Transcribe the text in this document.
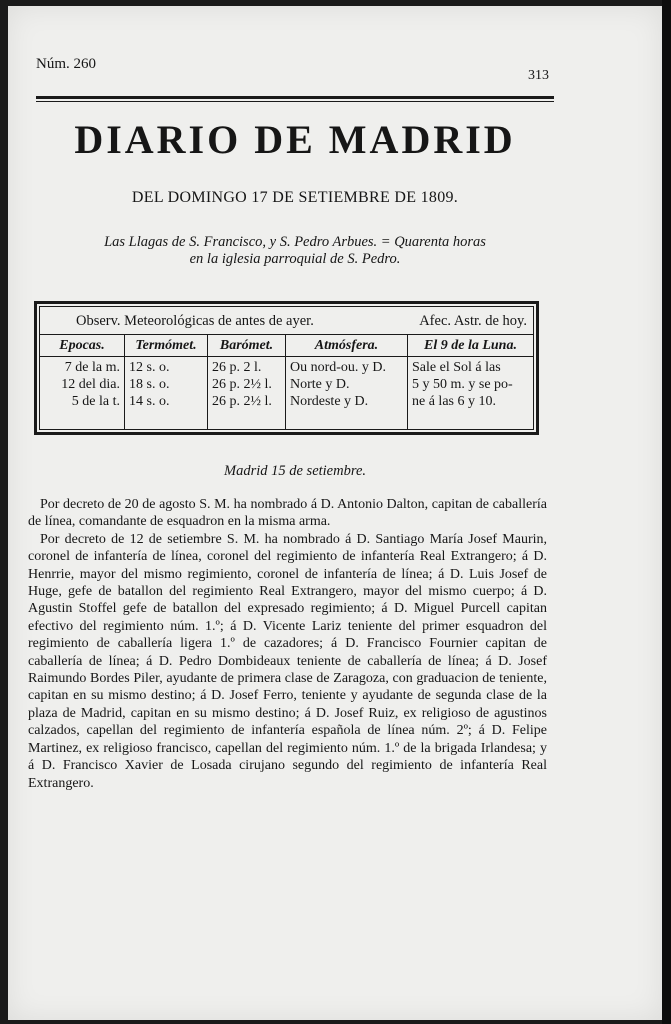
Núm. 260
313
DIARIO DE MADRID
DEL DOMINGO 17 DE SETIEMBRE DE 1809.
Las Llagas de S. Francisco, y S. Pedro Arbues. = Quarenta horas
en la iglesia parroquial de S. Pedro.
Observ. Meteorológicas de antes de ayer.	Afec. Astr. de hoy.
Epocas.
7 de la m.
12 del dia.
5 de la t.
Termómet.
12 s. o.
18 s. o.
14 s. o.
Barómet.
26 p. 2 l.
26 p. 2½ l.
26 p. 2½ l.
Atmósfera.
Ou nord-ou. y D.
Norte y D.
Nordeste y D.
El 9 de la Luna.
Sale el Sol á las
5 y 50 m. y se po-
ne á las 6 y 10.
Madrid 15 de setiembre.

Por decreto de 20 de agosto S. M. ha nombrado á D. Antonio Dalton, capitan de caballería de línea, comandante de esquadron en la misma arma.

Por decreto de 12 de setiembre S. M. ha nombrado á D. Santiago María Josef Maurin, coronel de infantería de línea, coronel del regimiento de infantería Real Extrangero; á D. Henrrie, mayor del mismo regimiento, coronel de infantería de línea; á D. Luis Josef de Huge, gefe de batallon del regimiento Real Extrangero, mayor del mismo cuerpo; á D. Agustin Stoffel gefe de batallon del expresado regimiento; á D. Miguel Purcell capitan efectivo del regimiento núm. 1.º; á D. Vicente Lariz teniente del primer esquadron del regimiento de caballería ligera 1.º de cazadores; á D. Francisco Fournier capitan de caballería de línea; á D. Pedro Dombideaux teniente de caballería de línea; á D. Josef Raimundo Bordes Piler, ayudante de primera clase de Zaragoza, con graduacion de teniente, capitan en su mismo destino; á D. Josef Ferro, teniente y ayudante de segunda clase de la plaza de Madrid, capitan en su mismo destino; á D. Josef Ruiz, ex religioso de agustinos calzados, capellan del regimiento de infantería española de línea núm. 2º; á D. Felipe Martinez, ex religioso francisco, capellan del regimiento núm. 1.º de la brigada Irlandesa; y á D. Francisco Xavier de Losada cirujano segundo del regimiento de infantería Real Extrangero.
